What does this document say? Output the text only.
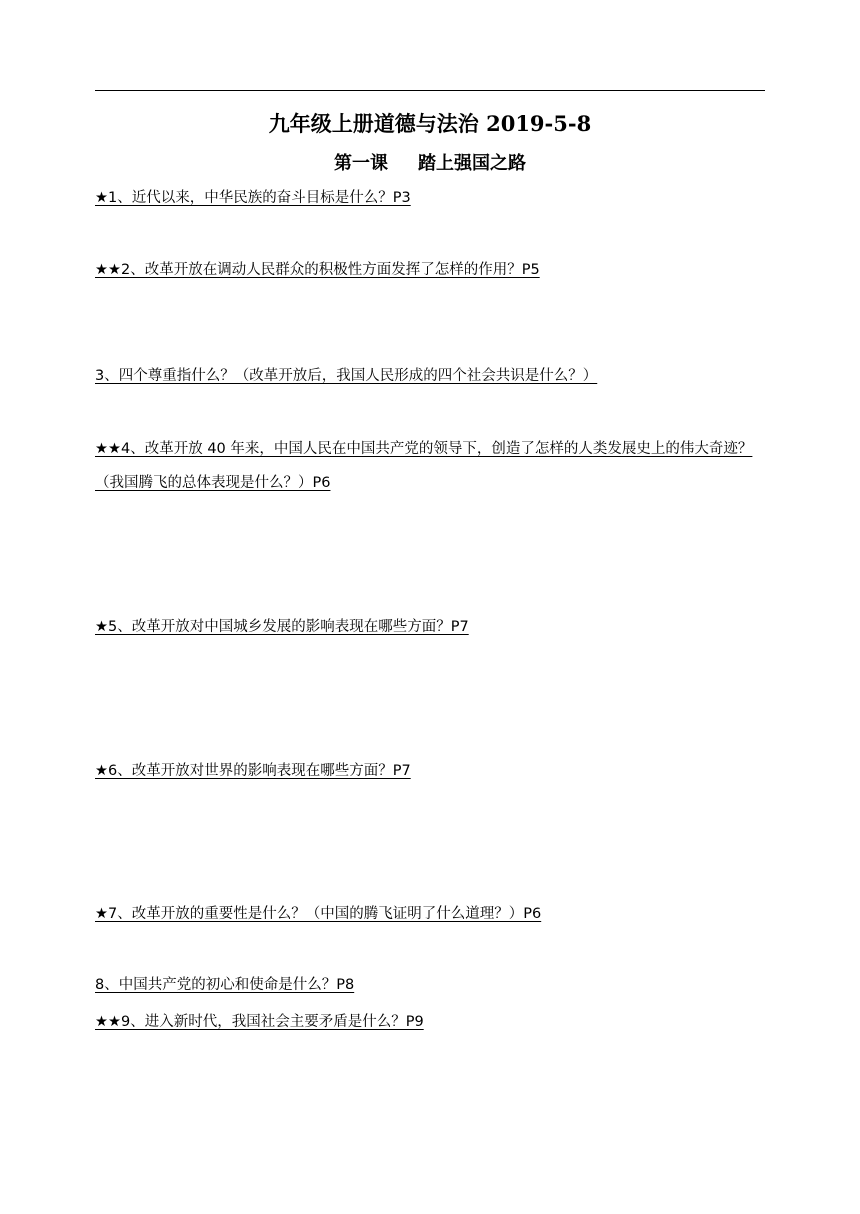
九年级上册道德与法治 2019-5-8
第一课 踏上强国之路
★1、近代以来，中华民族的奋斗目标是什么？P3
★★2、改革开放在调动人民群众的积极性方面发挥了怎样的作用？P5
3、四个尊重指什么？（改革开放后，我国人民形成的四个社会共识是什么？）
★★4、改革开放 40 年来，中国人民在中国共产党的领导下，创造了怎样的人类发展史上的伟大奇迹？（我国腾飞的总体表现是什么？）P6
★5、改革开放对中国城乡发展的影响表现在哪些方面？P7
★6、改革开放对世界的影响表现在哪些方面？P7
★7、改革开放的重要性是什么？（中国的腾飞证明了什么道理？）P6
8、中国共产党的初心和使命是什么？P8
★★9、进入新时代，我国社会主要矛盾是什么？P9
